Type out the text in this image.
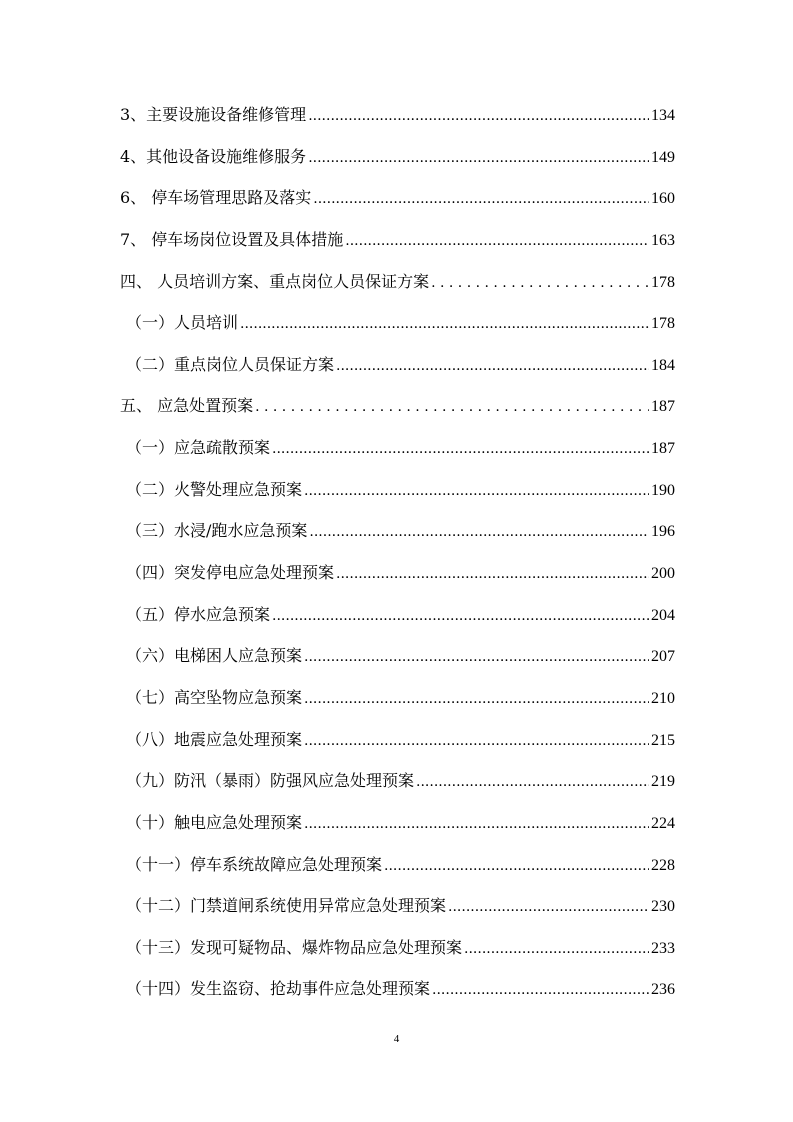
3、主要设施设备维修管理 .....	134
4、其他设备设施维修服务 .....	149
6、 停车场管理思路及落实 .....	160
7、 停车场岗位设置及具体措施 .....	163
四、 人员培训方案、重点岗位人员保证方案 . . .	178
（一）人员培训 .....	178
（二）重点岗位人员保证方案 .....	184
五、 应急处置预案 . . .	187
（一）应急疏散预案 .....	187
（二）火警处理应急预案 .....	190
（三）水浸/跑水应急预案 .....	196
（四）突发停电应急处理预案 .....	200
（五）停水应急预案 .....	204
（六）电梯困人应急预案 .....	207
（七）高空坠物应急预案 .....	210
（八）地震应急处理预案 .....	215
（九）防汛（暴雨）防强风应急处理预案 .....	219
（十）触电应急处理预案 .....	224
（十一）停车系统故障应急处理预案 .....	228
（十二）门禁道闸系统使用异常应急处理预案 .....	230
（十三）发现可疑物品、爆炸物品应急处理预案 .....	233
（十四）发生盗窃、抢劫事件应急处理预案 .....	236
4
